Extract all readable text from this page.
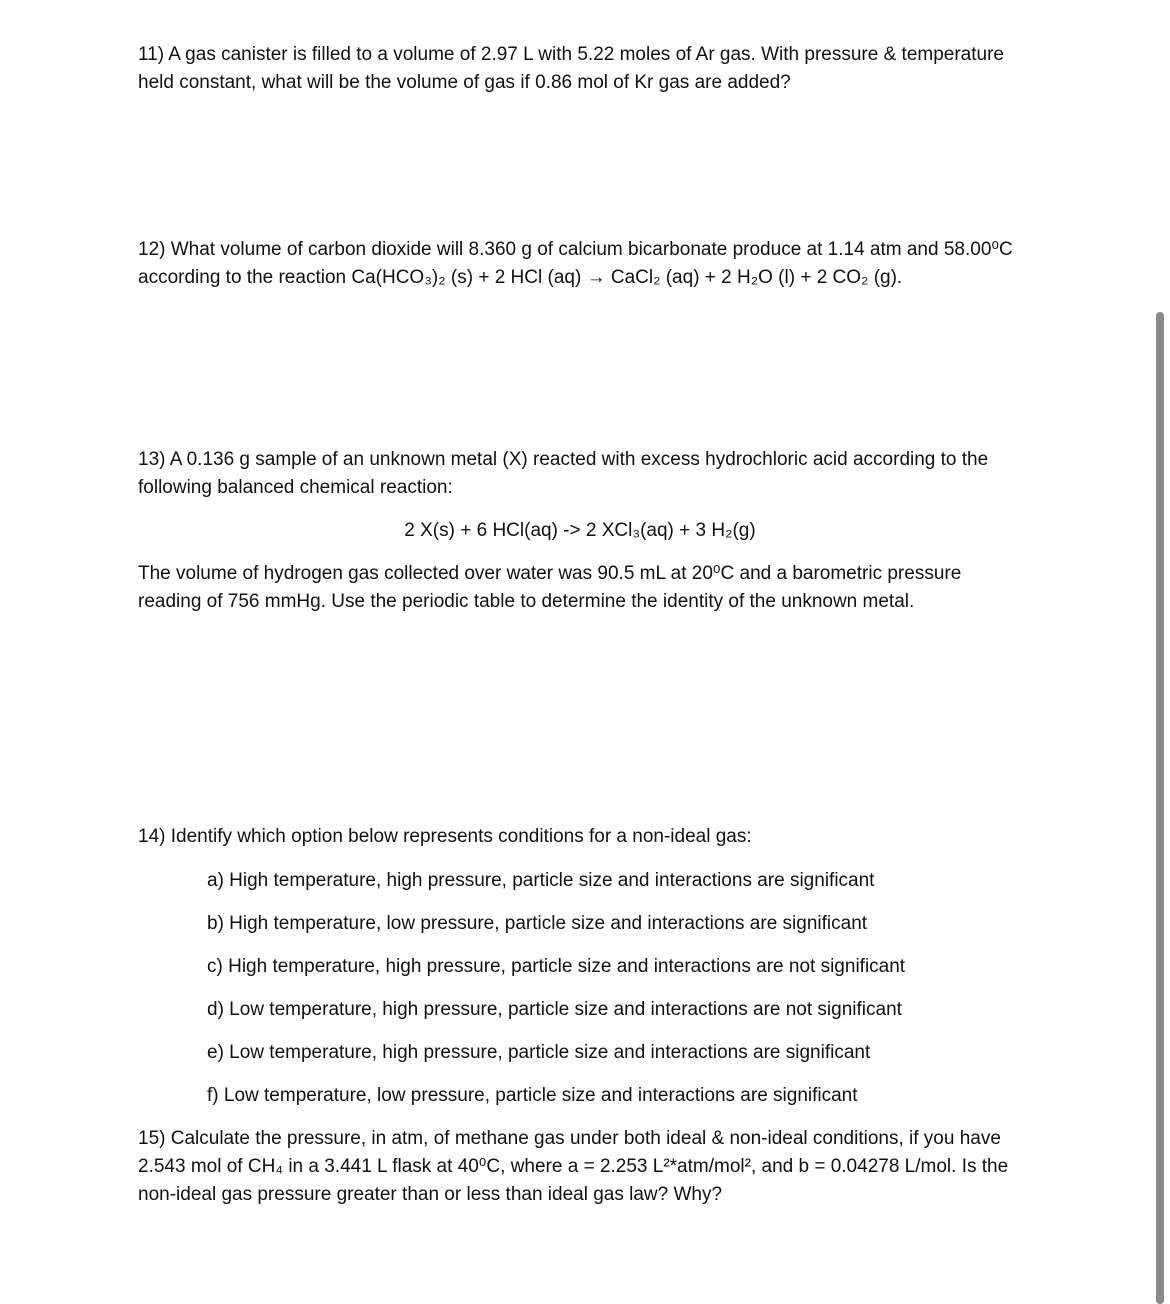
11) A gas canister is filled to a volume of 2.97 L with 5.22 moles of Ar gas. With pressure & temperature

held constant, what will be the volume of gas if 0.86 mol of Kr gas are added?

12) What volume of carbon dioxide will 8.360 g of calcium bicarbonate produce at 1.14 atm and 58.00⁰C

according to the reaction Ca(HCO₃)₂ (s) + 2 HCl (aq) → CaCl₂ (aq) + 2 H₂O (l) + 2 CO₂ (g).

13) A 0.136 g sample of an unknown metal (X) reacted with excess hydrochloric acid according to the

following balanced chemical reaction:

2 X(s) + 6 HCl(aq) -> 2 XCl₃(aq) + 3 H₂(g)

The volume of hydrogen gas collected over water was 90.5 mL at 20⁰C and a barometric pressure

reading of 756 mmHg. Use the periodic table to determine the identity of the unknown metal.

14) Identify which option below represents conditions for a non-ideal gas:

a) High temperature, high pressure, particle size and interactions are significant

b) High temperature, low pressure, particle size and interactions are significant

c) High temperature, high pressure, particle size and interactions are not significant

d) Low temperature, high pressure, particle size and interactions are not significant

e) Low temperature, high pressure, particle size and interactions are significant

f) Low temperature, low pressure, particle size and interactions are significant

15) Calculate the pressure, in atm, of methane gas under both ideal & non-ideal conditions, if you have

2.543 mol of CH₄ in a 3.441 L flask at 40⁰C, where a = 2.253 L²*atm/mol², and b = 0.04278 L/mol. Is the

non-ideal gas pressure greater than or less than ideal gas law? Why?
